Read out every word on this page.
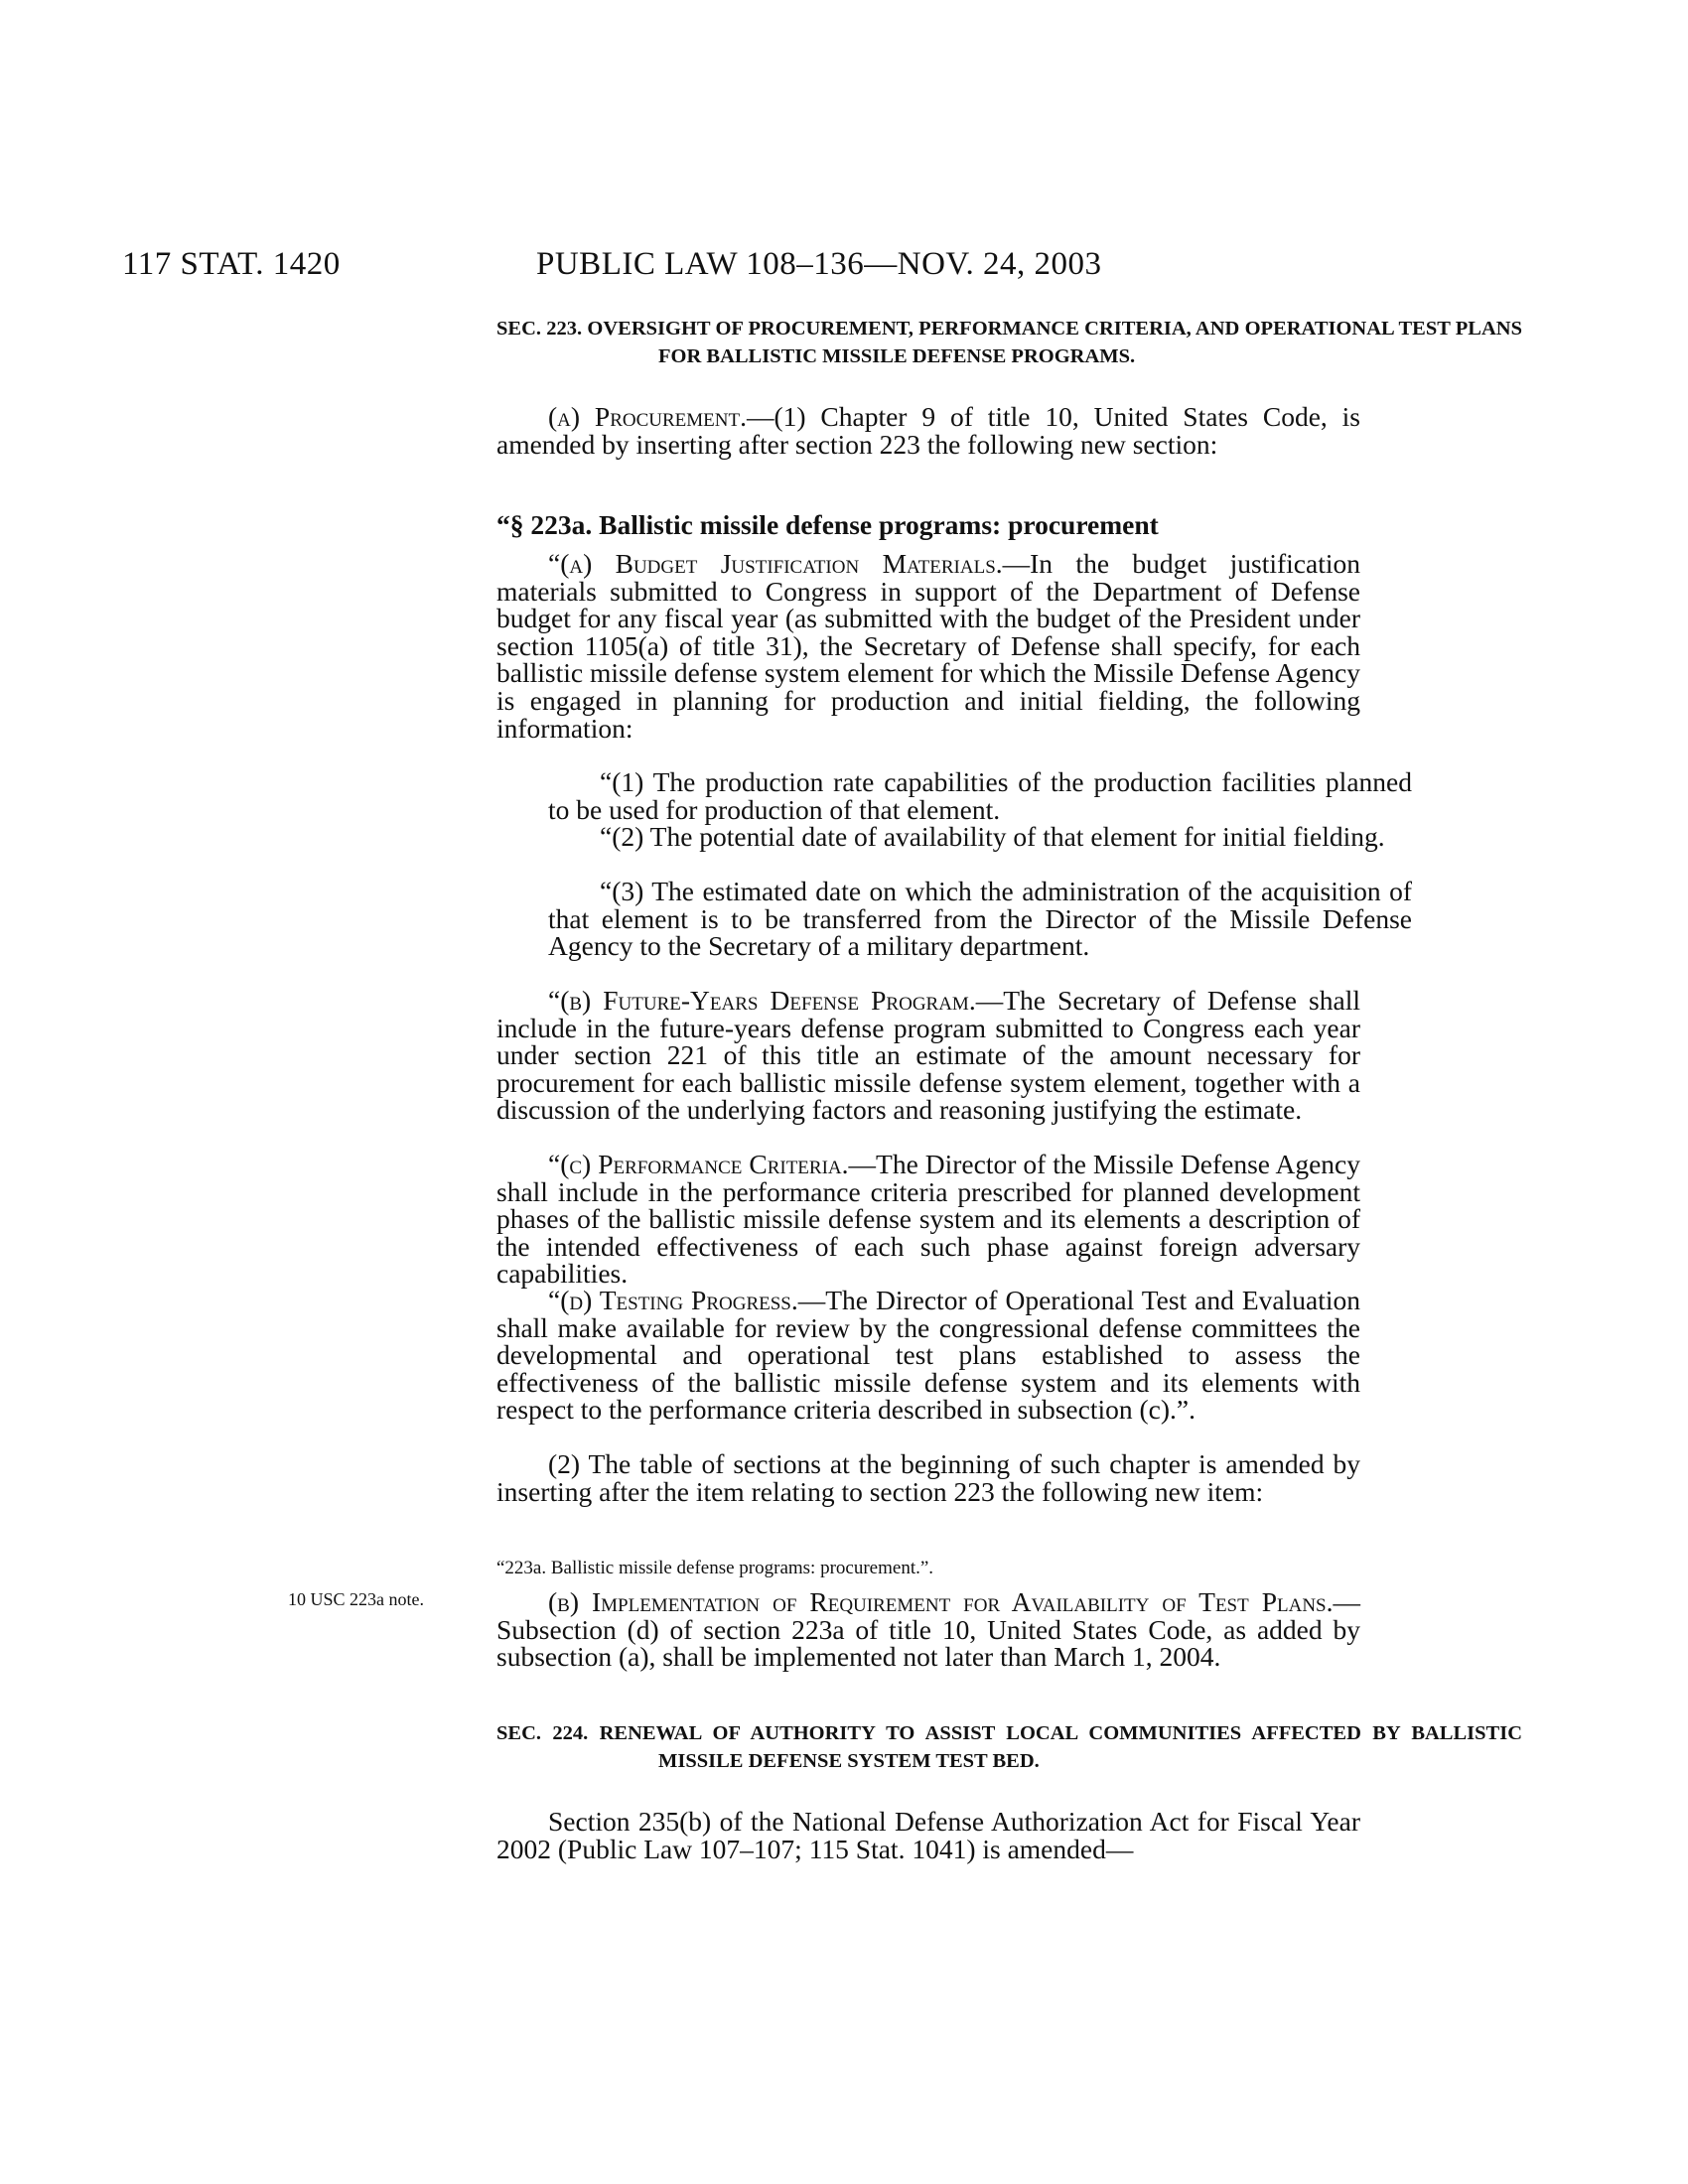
117 STAT. 1420	PUBLIC LAW 108–136—NOV. 24, 2003
SEC. 223. OVERSIGHT OF PROCUREMENT, PERFORMANCE CRITERIA, AND OPERATIONAL TEST PLANS FOR BALLISTIC MISSILE DEFENSE PROGRAMS.
(a) Procurement.—(1) Chapter 9 of title 10, United States Code, is amended by inserting after section 223 the following new section:
“§ 223a. Ballistic missile defense programs: procurement
“(a) Budget Justification Materials.—In the budget justification materials submitted to Congress in support of the Department of Defense budget for any fiscal year (as submitted with the budget of the President under section 1105(a) of title 31), the Secretary of Defense shall specify, for each ballistic missile defense system element for which the Missile Defense Agency is engaged in planning for production and initial fielding, the following information:
“(1) The production rate capabilities of the production facilities planned to be used for production of that element.
“(2) The potential date of availability of that element for initial fielding.
“(3) The estimated date on which the administration of the acquisition of that element is to be transferred from the Director of the Missile Defense Agency to the Secretary of a military department.
“(b) Future-Years Defense Program.—The Secretary of Defense shall include in the future-years defense program submitted to Congress each year under section 221 of this title an estimate of the amount necessary for procurement for each ballistic missile defense system element, together with a discussion of the underlying factors and reasoning justifying the estimate.
“(c) Performance Criteria.—The Director of the Missile Defense Agency shall include in the performance criteria prescribed for planned development phases of the ballistic missile defense system and its elements a description of the intended effectiveness of each such phase against foreign adversary capabilities.
“(d) Testing Progress.—The Director of Operational Test and Evaluation shall make available for review by the congressional defense committees the developmental and operational test plans established to assess the effectiveness of the ballistic missile defense system and its elements with respect to the performance criteria described in subsection (c).”.
(2) The table of sections at the beginning of such chapter is amended by inserting after the item relating to section 223 the following new item:
“223a. Ballistic missile defense programs: procurement.”.
10 USC 223a note.	(b) Implementation of Requirement for Availability of Test Plans.—Subsection (d) of section 223a of title 10, United States Code, as added by subsection (a), shall be implemented not later than March 1, 2004.
SEC. 224. RENEWAL OF AUTHORITY TO ASSIST LOCAL COMMUNITIES AFFECTED BY BALLISTIC MISSILE DEFENSE SYSTEM TEST BED.
Section 235(b) of the National Defense Authorization Act for Fiscal Year 2002 (Public Law 107–107; 115 Stat. 1041) is amended—
